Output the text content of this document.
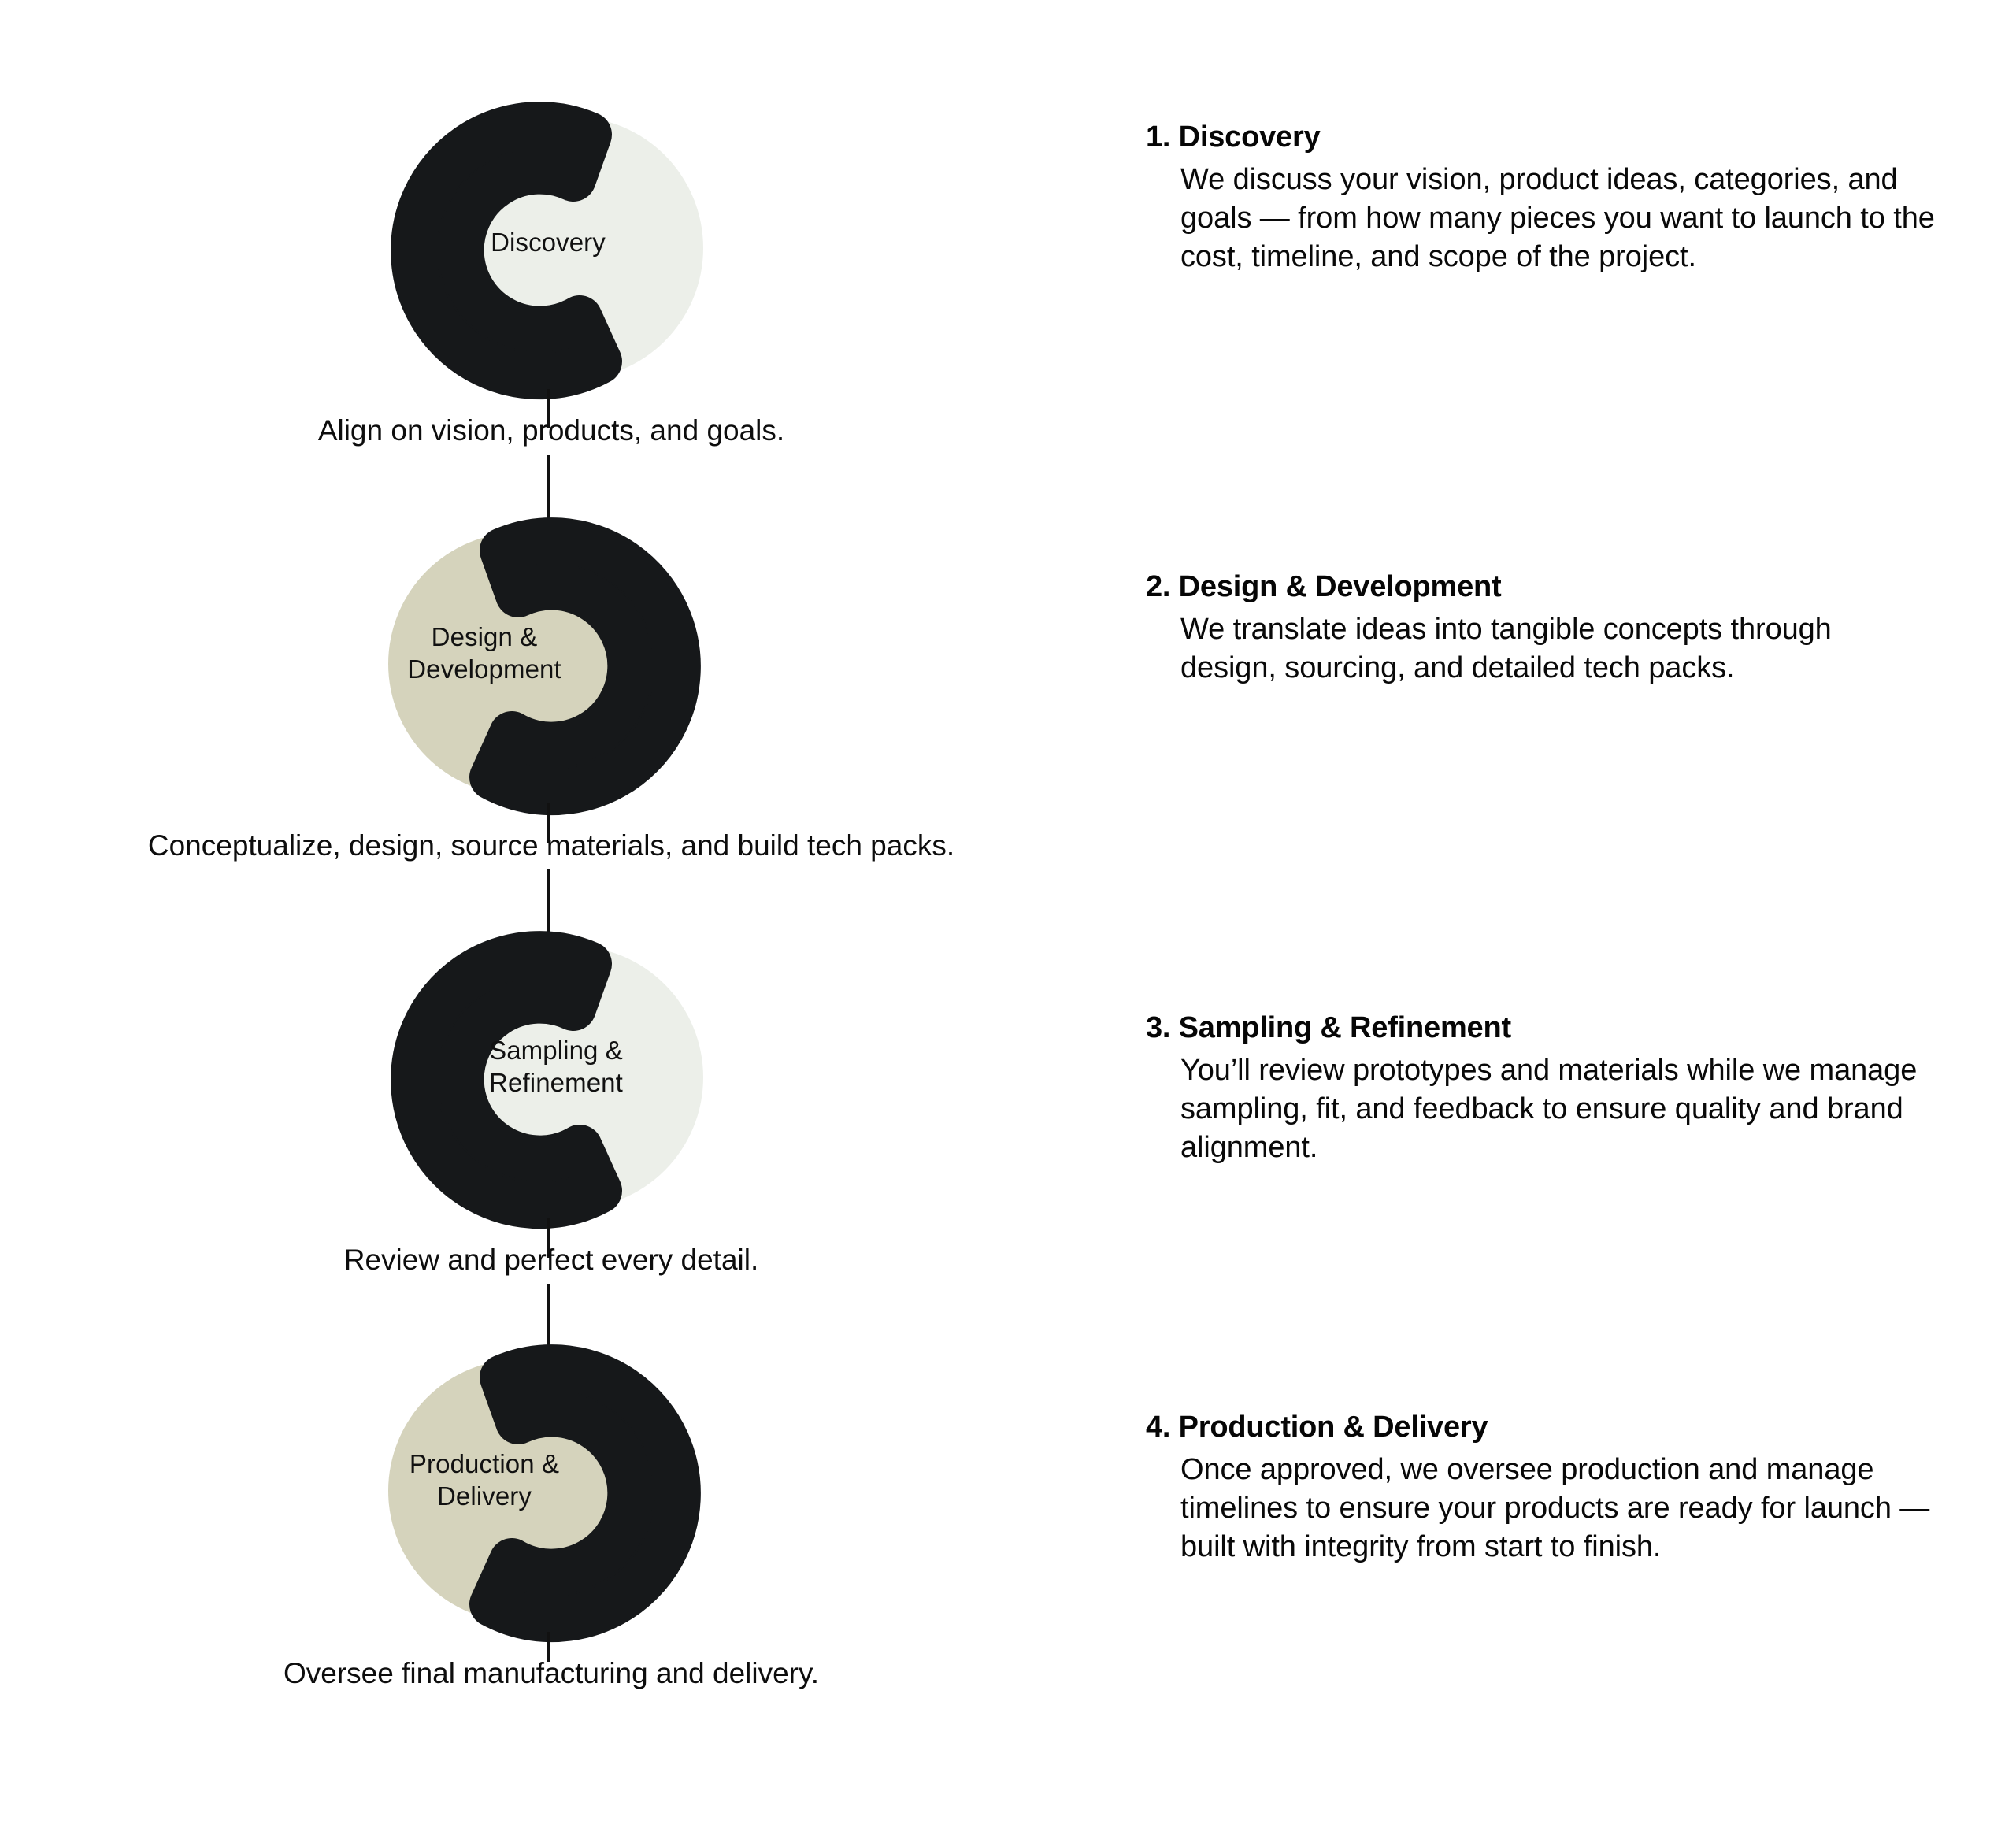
Discovery
Align on vision, products, and goals.
Design &
Development
Conceptualize, design, source materials, and build tech packs.
Sampling &
Refinement
Review and perfect every detail.
Production &
Delivery
Oversee final manufacturing and delivery.
1. Discovery
We discuss your vision, product ideas, categories, and goals — from how many pieces you want to launch to the cost, timeline, and scope of the project.
2. Design & Development
We translate ideas into tangible concepts through design, sourcing, and detailed tech packs.
3. Sampling & Refinement
You’ll review prototypes and materials while we manage sampling, fit, and feedback to ensure quality and brand alignment.
4. Production & Delivery
Once approved, we oversee production and manage timelines to ensure your products are ready for launch — built with integrity from start to finish.
